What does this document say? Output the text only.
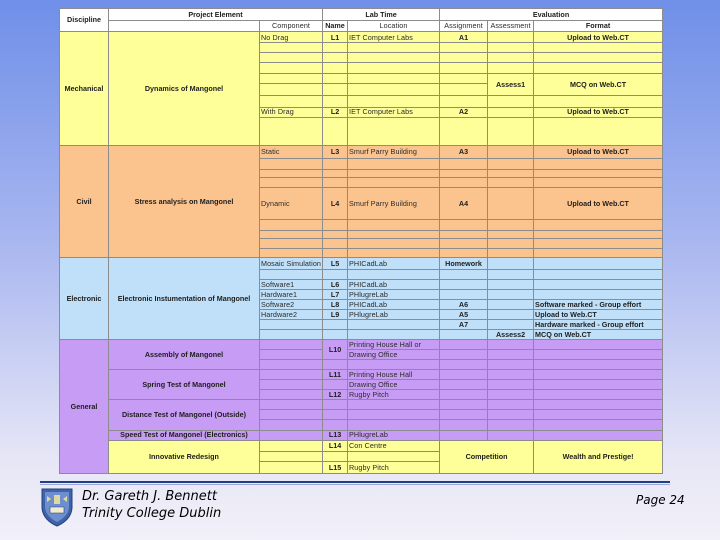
Discipline	Project Element		Lab Time		Evaluation		
		Component	Name	Location	Assignment	Assessment	Format
Mechanical	Dynamics of Mangonel	No Drag	L1	IET Computer Labs	A1		Upload to Web.CT

						Assess1	MCQ on Web.CT

		With Drag	L2	IET Computer Labs	A2		Upload to Web.CT

Civil	Stress analysis on Mangonel	Static	L3	Smurf Parry Building	A3		Upload to Web.CT

		Dynamic	L4	Smurf Parry Building	A4		Upload to Web.CT

Electronic	Electronic Instumentation of Mangonel	Mosaic Simulation	L5	PHICadLab	Homework		

		Software1	L6	PHICadLab			
		Hardware1	L7	PHlugreLab			
		Software2	L8	PHICadLab	A6		Software marked - Group effort
		Hardware2	L9	PHlugreLab	A5		Upload to Web.CT
					A7		Hardware marked - Group effort
						Assess2	MCQ on Web.CT
General	Assembly of Mangonel		L10	Printing House Hall or			
				Drawing Office			

	Spring Test of Mangonel		L11	Printing House Hall			
				Drawing Office			
			L12	Rugby Pitch			
	Distance Test of Mangonel (Outside)						

	Speed Test of Mangonel (Electronics)		L13	PHlugreLab			
	Innovative Redesign		L14	Con Centre	Competition		Wealth and Prestige!

			L15	Rugby Pitch			
Dr. Gareth J. Bennett
Trinity College Dublin
Page 24
